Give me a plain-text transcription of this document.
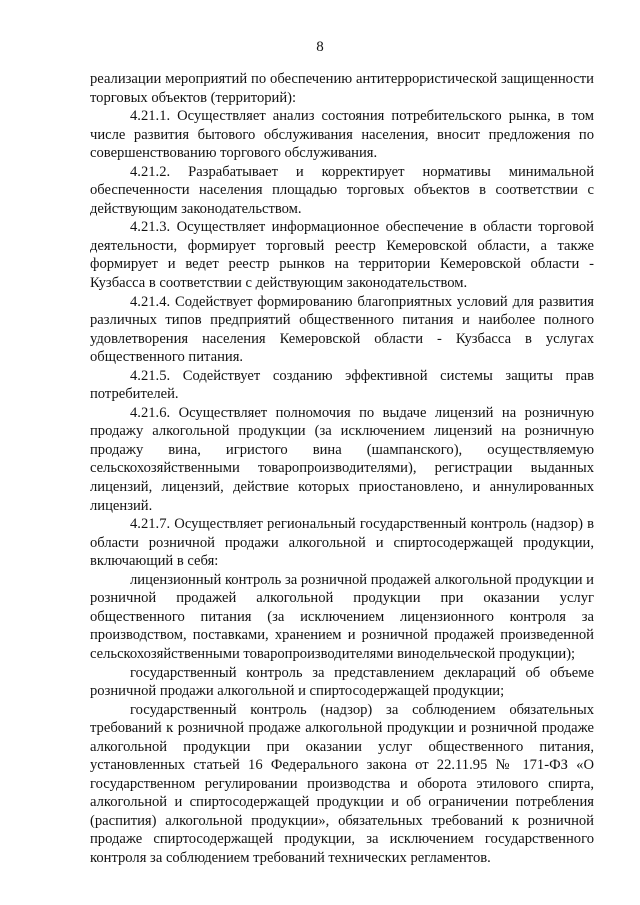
8

реализации мероприятий по обеспечению антитеррористической защищенности торговых объектов (территорий):

4.21.1. Осуществляет анализ состояния потребительского рынка, в том числе развития бытового обслуживания населения, вносит предложения по совершенствованию торгового обслуживания.

4.21.2. Разрабатывает и корректирует нормативы минимальной обеспеченности населения площадью торговых объектов в соответствии с действующим законодательством.

4.21.3. Осуществляет информационное обеспечение в области торговой деятельности, формирует торговый реестр Кемеровской области, а также формирует и ведет реестр рынков на территории Кемеровской области - Кузбасса в соответствии с действующим законодательством.

4.21.4. Содействует формированию благоприятных условий для развития различных типов предприятий общественного питания и наиболее полного удовлетворения населения Кемеровской области - Кузбасса в услугах общественного питания.

4.21.5. Содействует созданию эффективной системы защиты прав потребителей.

4.21.6. Осуществляет полномочия по выдаче лицензий на розничную продажу алкогольной продукции (за исключением лицензий на розничную продажу вина, игристого вина (шампанского), осуществляемую сельскохозяйственными товаропроизводителями), регистрации выданных лицензий, лицензий, действие которых приостановлено, и аннулированных лицензий.

4.21.7. Осуществляет региональный государственный контроль (надзор) в области розничной продажи алкогольной и спиртосодержащей продукции, включающий в себя:

лицензионный контроль за розничной продажей алкогольной продукции и розничной продажей алкогольной продукции при оказании услуг общественного питания (за исключением лицензионного контроля за производством, поставками, хранением и розничной продажей произведенной сельскохозяйственными товаропроизводителями винодельческой продукции);

государственный контроль за представлением деклараций об объеме розничной продажи алкогольной и спиртосодержащей продукции;

государственный контроль (надзор) за соблюдением обязательных требований к розничной продаже алкогольной продукции и розничной продаже алкогольной продукции при оказании услуг общественного питания, установленных статьей 16 Федерального закона от 22.11.95 № 171-ФЗ «О государственном регулировании производства и оборота этилового спирта, алкогольной и спиртосодержащей продукции и об ограничении потребления (распития) алкогольной продукции», обязательных требований к розничной продаже спиртосодержащей продукции, за исключением государственного контроля за соблюдением требований технических регламентов.
